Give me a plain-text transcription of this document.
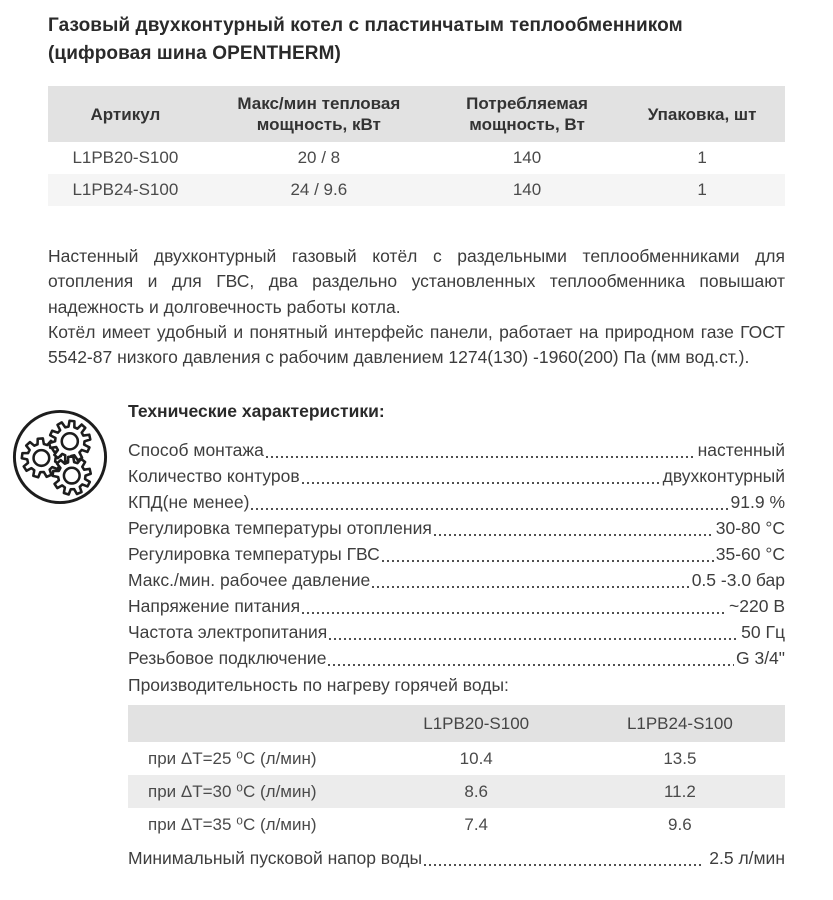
Газовый двухконтурный котел с пластинчатым теплообменником
(цифровая шина OPENTHERM)
Артикул	Макс/мин тепловая мощность, кВт	Потребляемая мощность, Вт	Упаковка, шт
L1PB20-S100	20 / 8	140	1
L1PB24-S100	24 / 9.6	140	1

Настенный двухконтурный газовый котёл с раздельными теплообменниками для отопления и для ГВС, два раздельно установленных теплообменника повышают надежность и долговечность работы котла.

Котёл имеет удобный и понятный интерфейс панели, работает на природном газе ГОСТ 5542-87 низкого давления с рабочим давлением 1274(130) -1960(200) Па (мм вод.ст.).

Технические характеристики:
Способ монтажа	настенный
Количество контуров	двухконтурный
КПД(не менее)	91.9 %
Регулировка температуры отопления	30-80 °C
Регулировка температуры ГВС	35-60 °C
Макс./мин. рабочее давление	0.5 -3.0 бар
Напряжение питания	~220 В
Частота электропитания	50 Гц
Резьбовое подключение	G 3/4"
Производительность по нагреву горячей воды:
	L1PB20-S100	L1PB24-S100
при ΔT=25 ⁰C (л/мин)	10.4	13.5
при ΔT=30 ⁰C (л/мин)	8.6	11.2
при ΔT=35 ⁰C (л/мин)	7.4	9.6
Минимальный пусковой напор воды	2.5 л/мин
